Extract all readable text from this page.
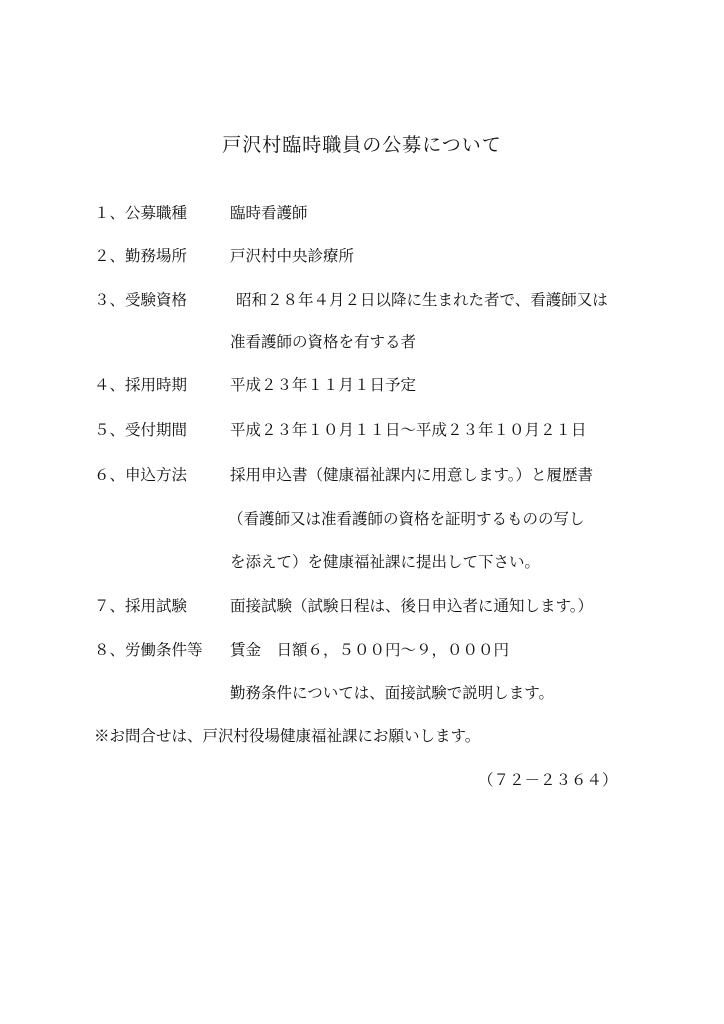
戸沢村臨時職員の公募について
１、公募職種	臨時看護師
２、勤務場所	戸沢村中央診療所
３、受験資格	昭和２８年４月２日以降に生まれた者で、看護師又は
准看護師の資格を有する者
４、採用時期	平成２３年１１月１日予定
５、受付期間	平成２３年１０月１１日～平成２３年１０月２１日
６、申込方法	採用申込書（健康福祉課内に用意します。）と履歴書
（看護師又は准看護師の資格を証明するものの写し
を添えて）を健康福祉課に提出して下さい。
７、採用試験	面接試験（試験日程は、後日申込者に通知します。）
８、労働条件等 賃金　日額６，５００円～９，０００円
勤務条件については、面接試験で説明します。
※お問合せは、戸沢村役場健康福祉課にお願いします。
（７２－２３６４）
